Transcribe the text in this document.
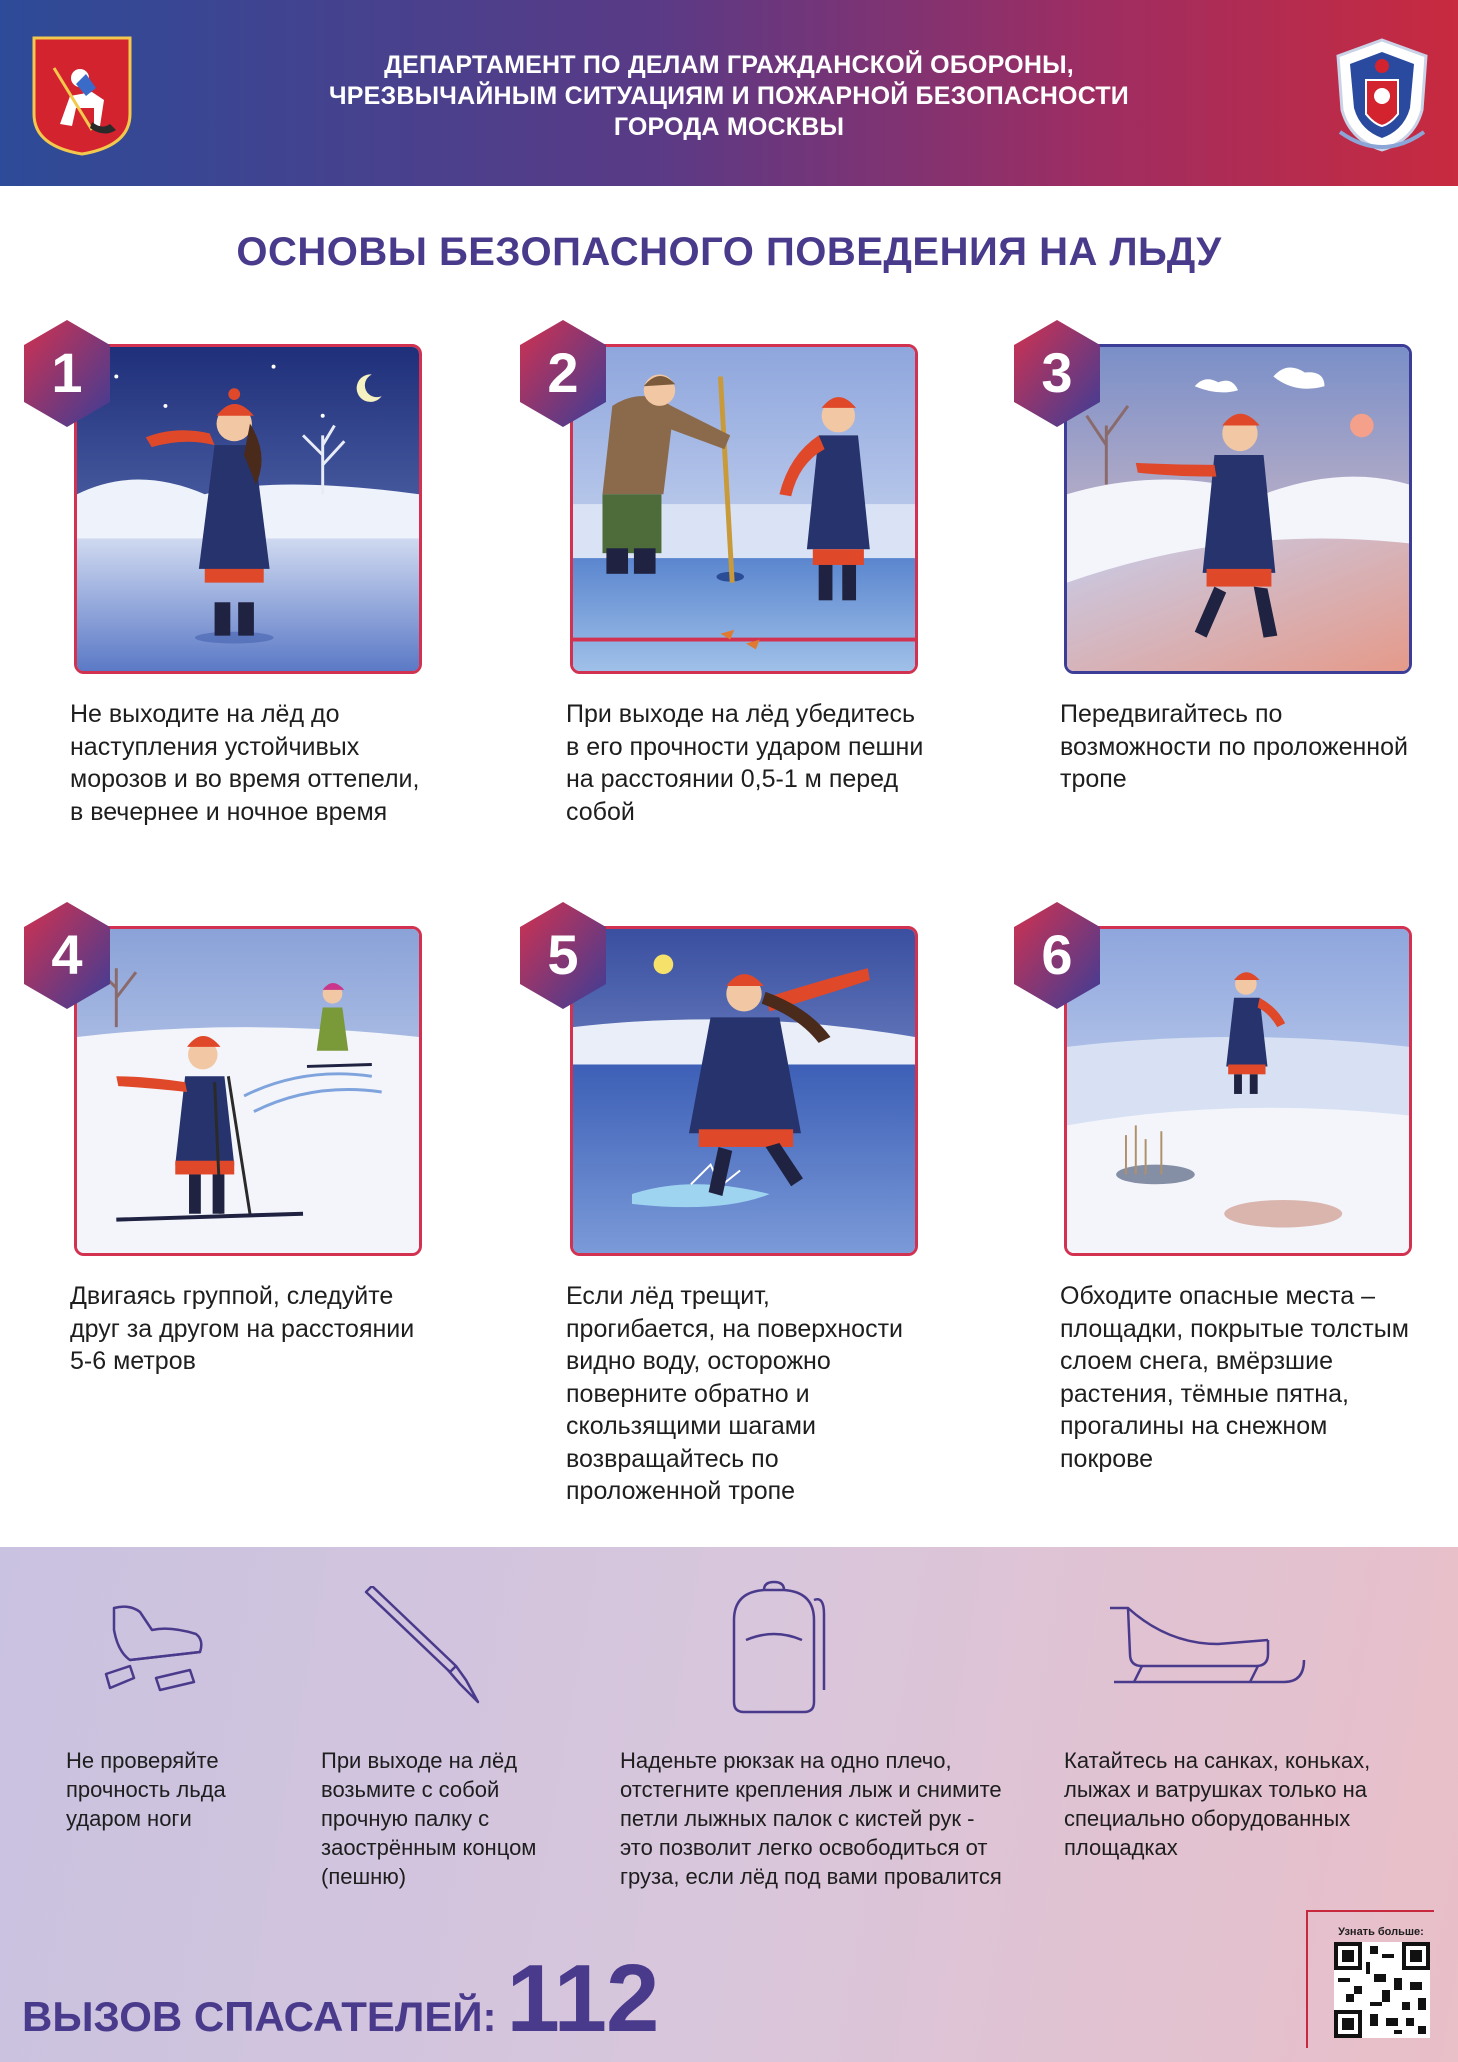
ДЕПАРТАМЕНТ ПО ДЕЛАМ ГРАЖДАНСКОЙ ОБОРОНЫ,
ЧРЕЗВЫЧАЙНЫМ СИТУАЦИЯМ И ПОЖАРНОЙ БЕЗОПАСНОСТИ
ГОРОДА МОСКВЫ
ОСНОВЫ БЕЗОПАСНОГО ПОВЕДЕНИЯ НА ЛЬДУ
1
Не выходите на лёд до наступления устойчивых морозов и во время оттепели, в вечернее и ночное время
2
При выходе на лёд убедитесь в его прочности ударом пешни на расстоянии 0,5-1 м перед собой
3
Передвигайтесь по возможности по проложенной тропе
4
Двигаясь группой, следуйте друг за другом на расстоянии 5-6 метров
5
Если лёд трещит, прогибается, на поверхности видно воду, осторожно поверните обратно и скользящими шагами возвращайтесь по проложенной тропе
6
Обходите опасные места – площадки, покрытые толстым слоем снега, вмёрзшие растения, тёмные пятна, прогалины на снежном покрове
Не проверяйте прочность льда ударом ноги
При выходе на лёд возьмите с собой прочную палку с заострённым концом (пешню)
Наденьте рюкзак на одно плечо, отстегните крепления лыж и снимите петли лыжных палок с кистей рук - это позволит легко освободиться от груза, если лёд под вами провалится
Катайтесь на санках, коньках, лыжах и ватрушках только на специально оборудованных площадках
ВЫЗОВ СПАСАТЕЛЕЙ: 112
Узнать больше:
